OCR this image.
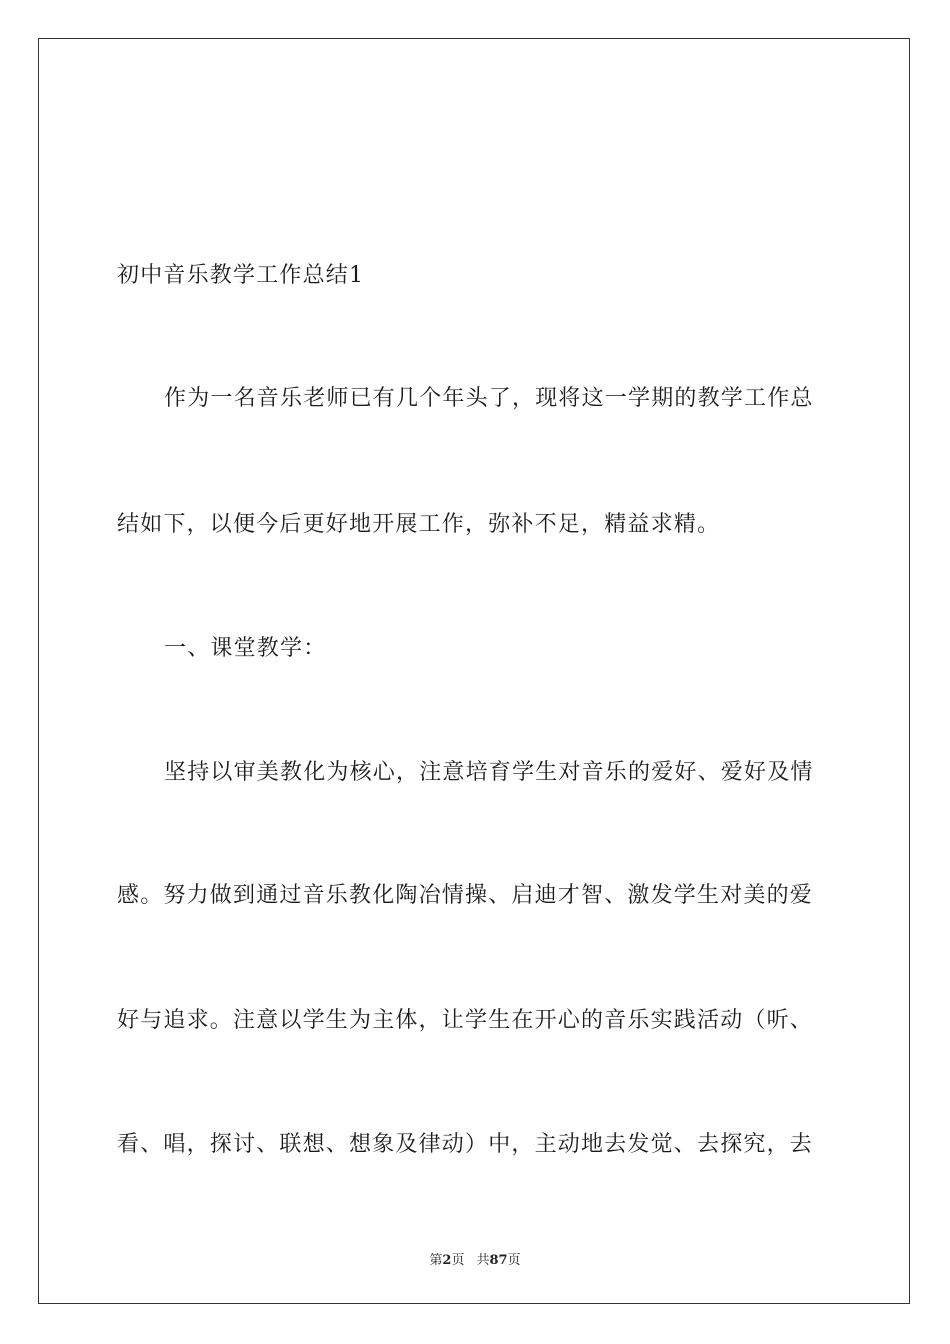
初中音乐教学工作总结1
作为一名音乐老师已有几个年头了，现将这一学期的教学工作总
结如下，以便今后更好地开展工作，弥补不足，精益求精。
一、课堂教学：
坚持以审美教化为核心，注意培育学生对音乐的爱好、爱好及情
感。努力做到通过音乐教化陶冶情操、启迪才智、激发学生对美的爱
好与追求。注意以学生为主体，让学生在开心的音乐实践活动（听、
看、唱，探讨、联想、想象及律动）中，主动地去发觉、去探究，去
第2页 共87页
